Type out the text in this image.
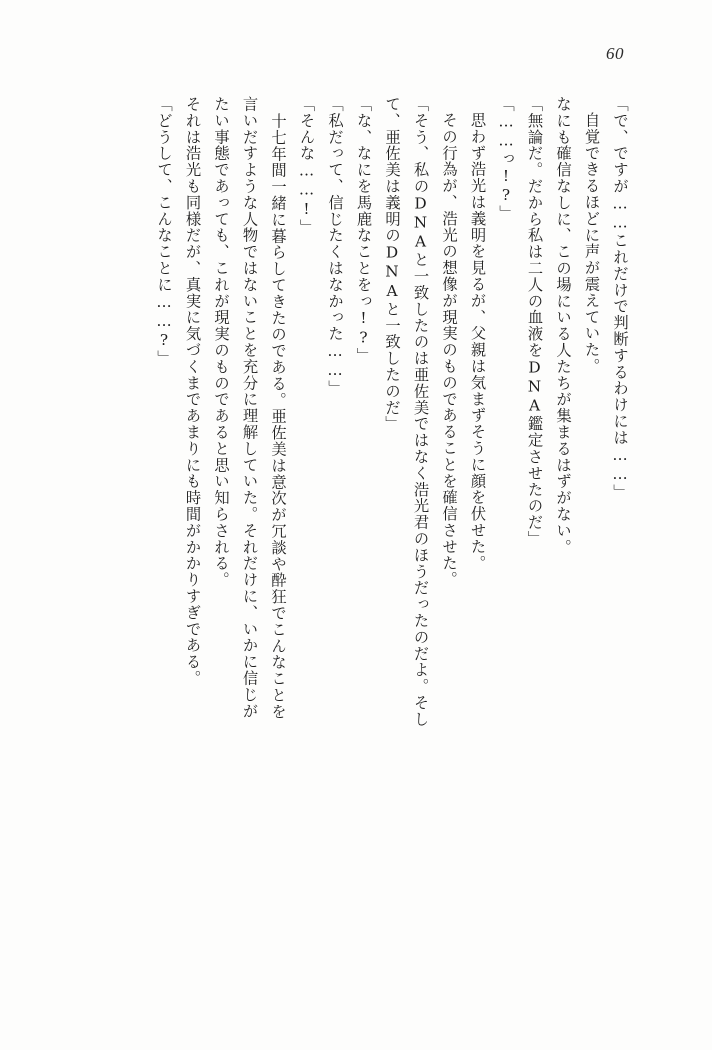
60
「で、ですが……これだけで判断するわけには……」
自覚できるほどに声が震えていた。
なにも確信なしに、この場にいる人たちが集まるはずがない。
「無論だ。だから私は二人の血液をDNA鑑定させたのだ」
「……っ!?」
思わず浩光は義明を見るが、父親は気まずそうに顔を伏せた。
その行為が、浩光の想像が現実のものであることを確信させた。
「そう、私のDNAと一致したのは亜佐美ではなく浩光君のほうだったのだよ。そし
て、亜佐美は義明のDNAと一致したのだ」
「な、なにを馬鹿なことをっ!?」
「私だって、信じたくはなかった……」
「そんな……!」
十七年間一緒に暮らしてきたのである。亜佐美は意次が冗談や酔狂でこんなことを
言いだすような人物ではないことを充分に理解していた。それだけに、いかに信じが
たい事態であっても、これが現実のものであると思い知らされる。
それは浩光も同様だが、真実に気づくまであまりにも時間がかかりすぎである。
「どうして、こんなことに……?」
